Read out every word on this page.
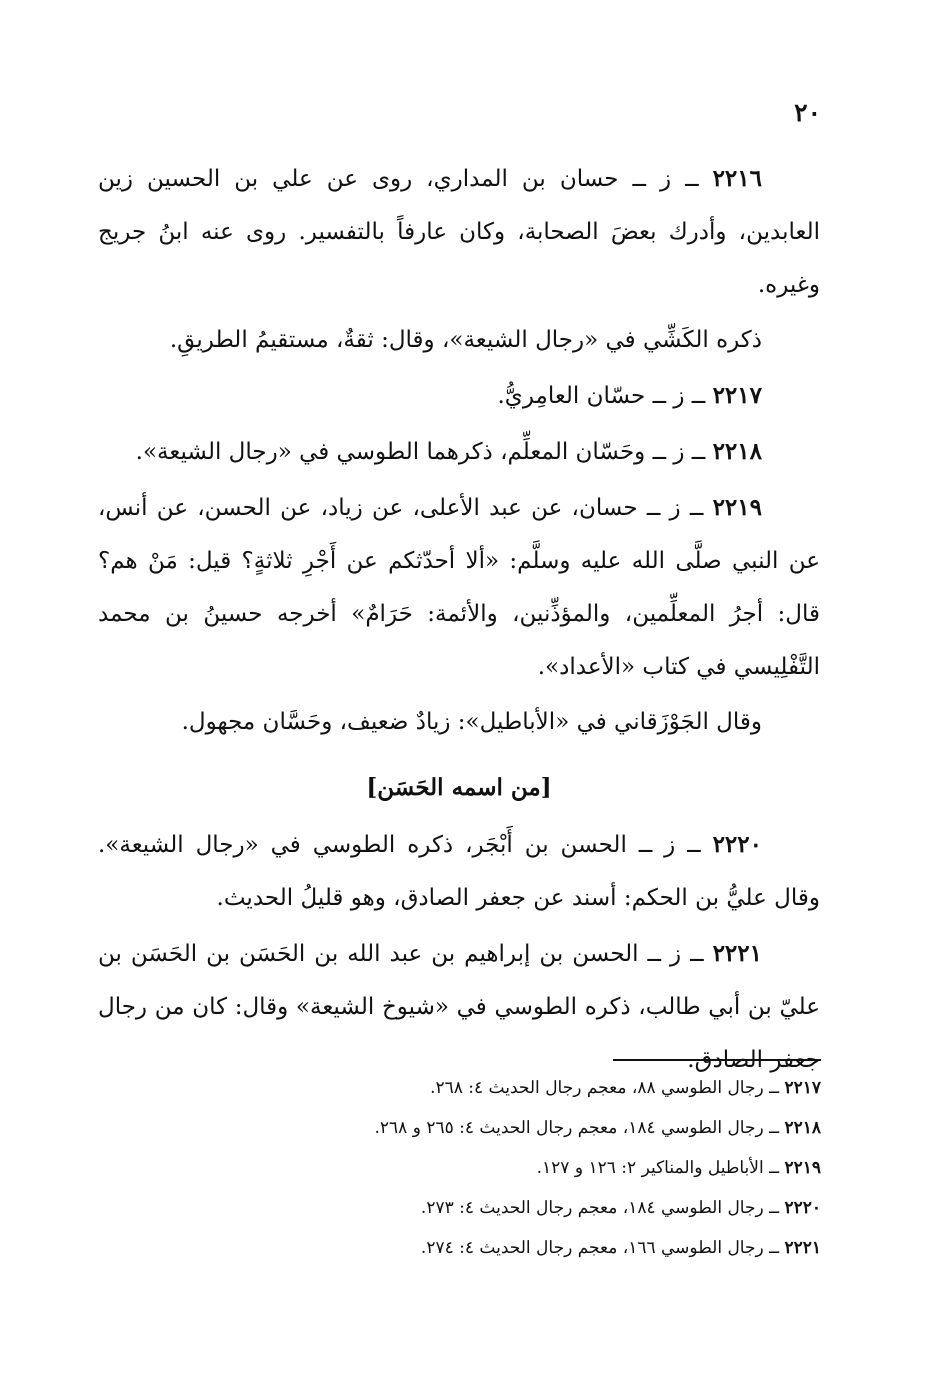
٢٠

٢٢١٦ ــ ز ــ حسان بن المداري، روى عن علي بن الحسين زين العابدين، وأدرك بعضَ الصحابة، وكان عارفاً بالتفسير. روى عنه ابنُ جريج وغيره.

ذكره الكَشِّي في «رجال الشيعة»، وقال: ثقةٌ، مستقيمُ الطريقِ.

٢٢١٧ ــ ز ــ حسّان العامِريُّ.

٢٢١٨ ــ ز ــ وحَسّان المعلِّم، ذكرهما الطوسي في «رجال الشيعة».

٢٢١٩ ــ ز ــ حسان، عن عبد الأعلى، عن زياد، عن الحسن، عن أنس، عن النبي صلَّى الله عليه وسلَّم: «ألا أحدّثكم عن أَجْرِ ثلاثةٍ؟ قيل: مَنْ هم؟ قال: أجرُ المعلِّمين، والمؤذِّنين، والأئمة: حَرَامٌ» أخرجه حسينُ بن محمد التَّفْلِيسي في كتاب «الأعداد».

وقال الجَوْزَقاني في «الأباطيل»: زيادٌ ضعيف، وحَسَّان مجهول.

[من اسمه الحَسَن]

٢٢٢٠ ــ ز ــ الحسن بن أَبْجَر، ذكره الطوسي في «رجال الشيعة». وقال عليُّ بن الحكم: أسند عن جعفر الصادق، وهو قليلُ الحديث.

٢٢٢١ ــ ز ــ الحسن بن إبراهيم بن عبد الله بن الحَسَن بن الحَسَن بن عليّ بن أبي طالب، ذكره الطوسي في «شيوخ الشيعة» وقال: كان من رجال جعفر الصادق.

٢٢١٧ ــ رجال الطوسي ٨٨، معجم رجال الحديث ٤: ٢٦٨.

٢٢١٨ ــ رجال الطوسي ١٨٤، معجم رجال الحديث ٤: ٢٦٥ و ٢٦٨.

٢٢١٩ ــ الأباطيل والمناكير ٢: ١٢٦ و ١٢٧.

٢٢٢٠ ــ رجال الطوسي ١٨٤، معجم رجال الحديث ٤: ٢٧٣.

٢٢٢١ ــ رجال الطوسي ١٦٦، معجم رجال الحديث ٤: ٢٧٤.
